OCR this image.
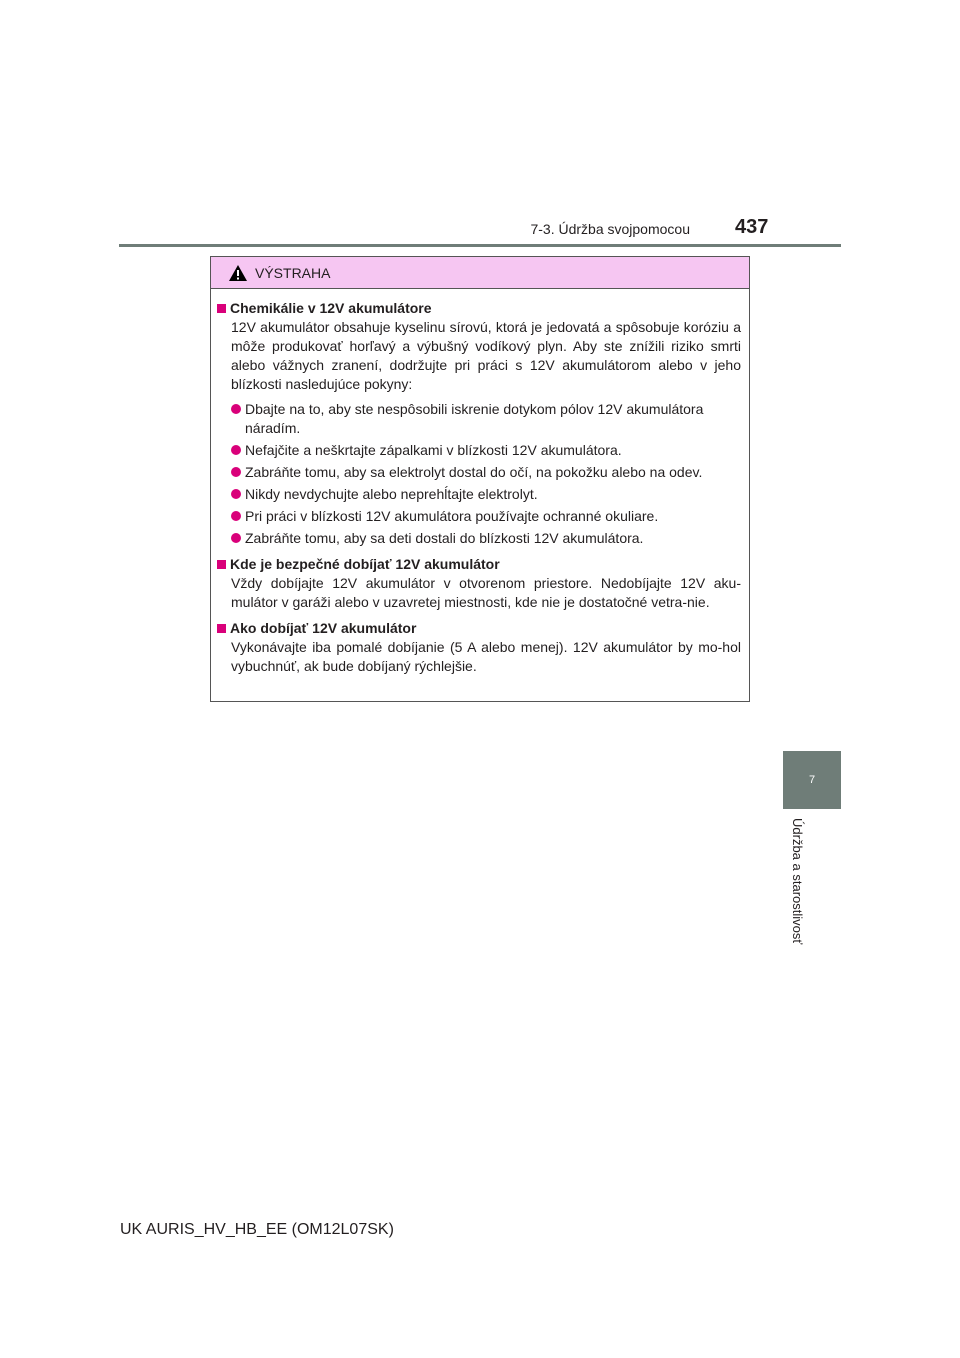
7-3. Údržba svojpomocou 437
7
Údržba a starostlivosť
VÝSTRAHA
Chemikálie v 12V akumulátore
12V akumulátor obsahuje kyselinu sírovú, ktorá je jedovatá a spôsobuje koróziu a môže produkovať horľavý a výbušný vodíkový plyn. Aby ste znížili riziko smrti alebo vážnych zranení, dodržujte pri práci s 12V akumulátorom alebo v jeho blízkosti nasledujúce pokyny:
Dbajte na to, aby ste nespôsobili iskrenie dotykom pólov 12V akumulátora náradím.
Nefajčite a neškrtajte zápalkami v blízkosti 12V akumulátora.
Zabráňte tomu, aby sa elektrolyt dostal do očí, na pokožku alebo na odev.
Nikdy nevdychujte alebo neprehĺtajte elektrolyt.
Pri práci v blízkosti 12V akumulátora používajte ochranné okuliare.
Zabráňte tomu, aby sa deti dostali do blízkosti 12V akumulátora.
Kde je bezpečné dobíjať 12V akumulátor
Vždy dobíjajte 12V akumulátor v otvorenom priestore. Nedobíjajte 12V aku-mulátor v garáži alebo v uzavretej miestnosti, kde nie je dostatočné vetra-nie.
Ako dobíjať 12V akumulátor
Vykonávajte iba pomalé dobíjanie (5 A alebo menej). 12V akumulátor by mo-hol vybuchnúť, ak bude dobíjaný rýchlejšie.
UK AURIS_HV_HB_EE (OM12L07SK)
